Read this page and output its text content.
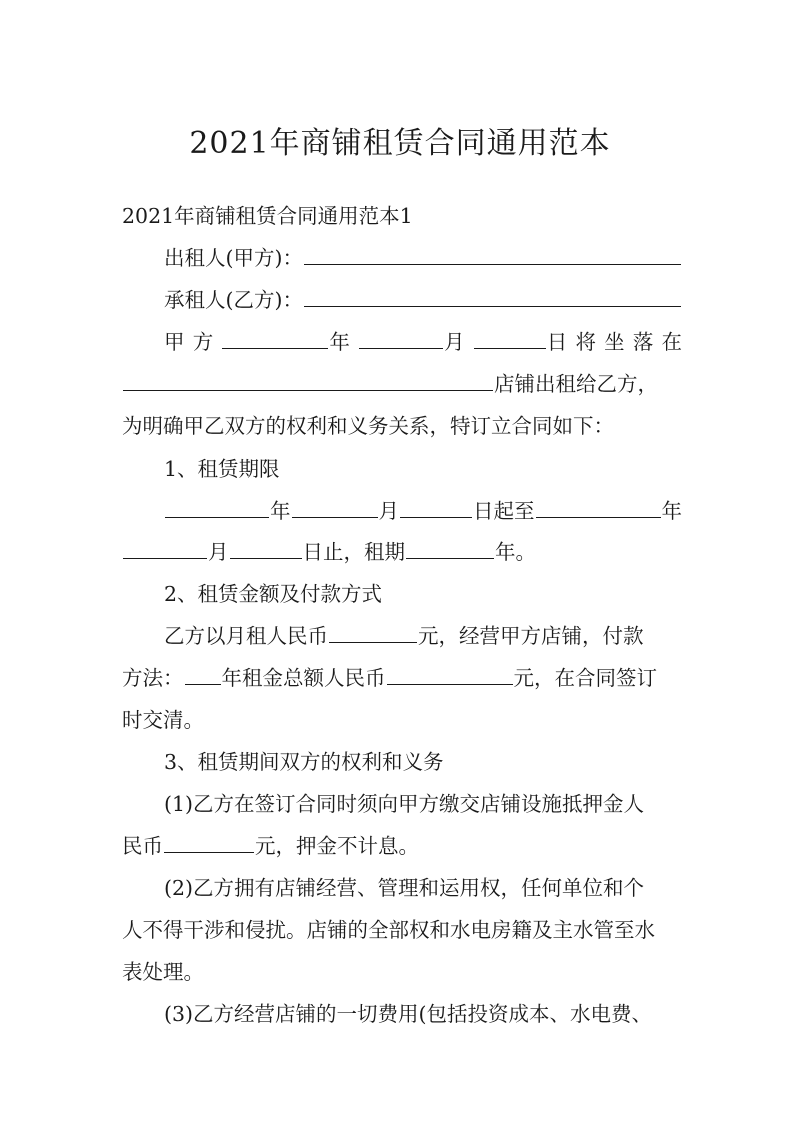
2021年商铺租赁合同通用范本
2021年商铺租赁合同通用范本1
出租人(甲方)：
承租人(乙方)：
甲 方	年	月	日 将 坐 落 在
店铺出租给乙方，
为明确甲乙双方的权利和义务关系，特订立合同如下：
1、租赁期限
年	月	日起至	年
月	日止，租期	年。
2、租赁金额及付款方式
乙方以月租人民币	元，经营甲方店铺，付款
方法： 年租金总额人民币	元，在合同签订
时交清。
3、租赁期间双方的权利和义务
(1)乙方在签订合同时须向甲方缴交店铺设施抵押金人
民币	元，押金不计息。
(2)乙方拥有店铺经营、管理和运用权，任何单位和个
人不得干涉和侵扰。店铺的全部权和水电房籍及主水管至水
表处理。
(3)乙方经营店铺的一切费用(包括投资成本、水电费、
